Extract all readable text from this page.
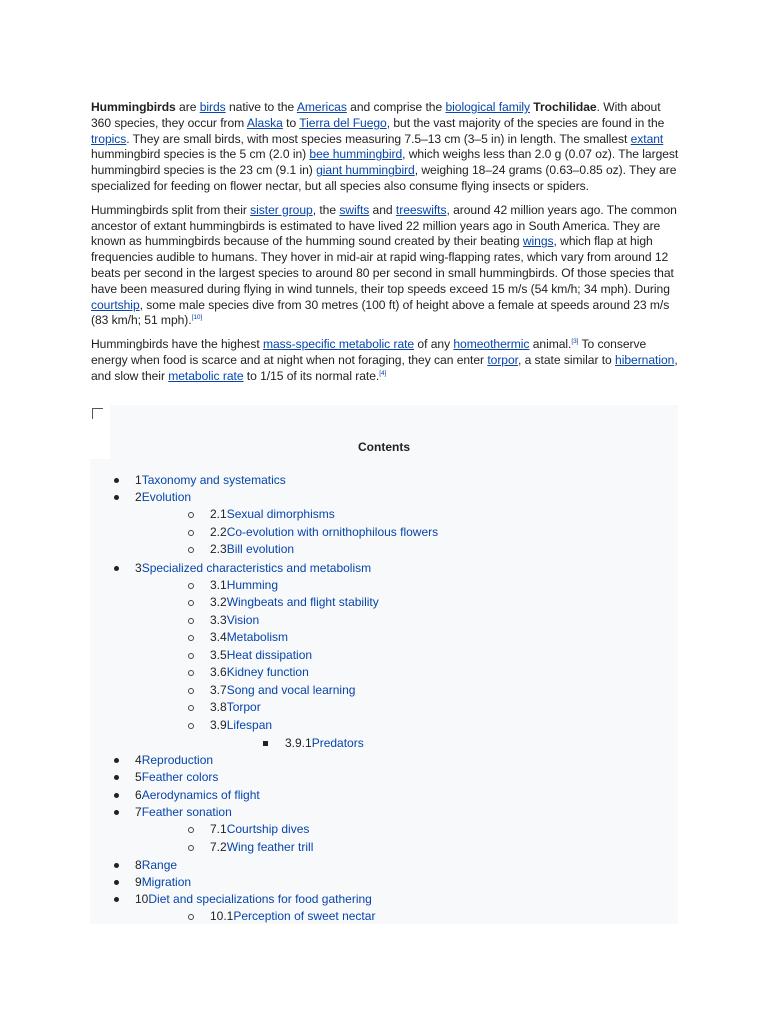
Hummingbirds are birds native to the Americas and comprise the biological family Trochilidae. With about 360 species, they occur from Alaska to Tierra del Fuego, but the vast majority of the species are found in the tropics. They are small birds, with most species measuring 7.5–13 cm (3–5 in) in length. The smallest extant hummingbird species is the 5 cm (2.0 in) bee hummingbird, which weighs less than 2.0 g (0.07 oz). The largest hummingbird species is the 23 cm (9.1 in) giant hummingbird, weighing 18–24 grams (0.63–0.85 oz). They are specialized for feeding on flower nectar, but all species also consume flying insects or spiders.

Hummingbirds split from their sister group, the swifts and treeswifts, around 42 million years ago. The common ancestor of extant hummingbirds is estimated to have lived 22 million years ago in South America. They are known as hummingbirds because of the humming sound created by their beating wings, which flap at high frequencies audible to humans. They hover in mid-air at rapid wing-flapping rates, which vary from around 12 beats per second in the largest species to around 80 per second in small hummingbirds. Of those species that have been measured during flying in wind tunnels, their top speeds exceed 15 m/s (54 km/h; 34 mph). During courtship, some male species dive from 30 metres (100 ft) of height above a female at speeds around 23 m/s (83 km/h; 51 mph).[10]

Hummingbirds have the highest mass-specific metabolic rate of any homeothermic animal.[3] To conserve energy when food is scarce and at night when not foraging, they can enter torpor, a state similar to hibernation, and slow their metabolic rate to 1/15 of its normal rate.[4]

Contents
1Taxonomy and systematics
2Evolution
2.1Sexual dimorphisms
2.2Co-evolution with ornithophilous flowers
2.3Bill evolution
3Specialized characteristics and metabolism
3.1Humming
3.2Wingbeats and flight stability
3.3Vision
3.4Metabolism
3.5Heat dissipation
3.6Kidney function
3.7Song and vocal learning
3.8Torpor
3.9Lifespan
3.9.1Predators
4Reproduction
5Feather colors
6Aerodynamics of flight
7Feather sonation
7.1Courtship dives
7.2Wing feather trill
8Range
9Migration
10Diet and specializations for food gathering
10.1Perception of sweet nectar
